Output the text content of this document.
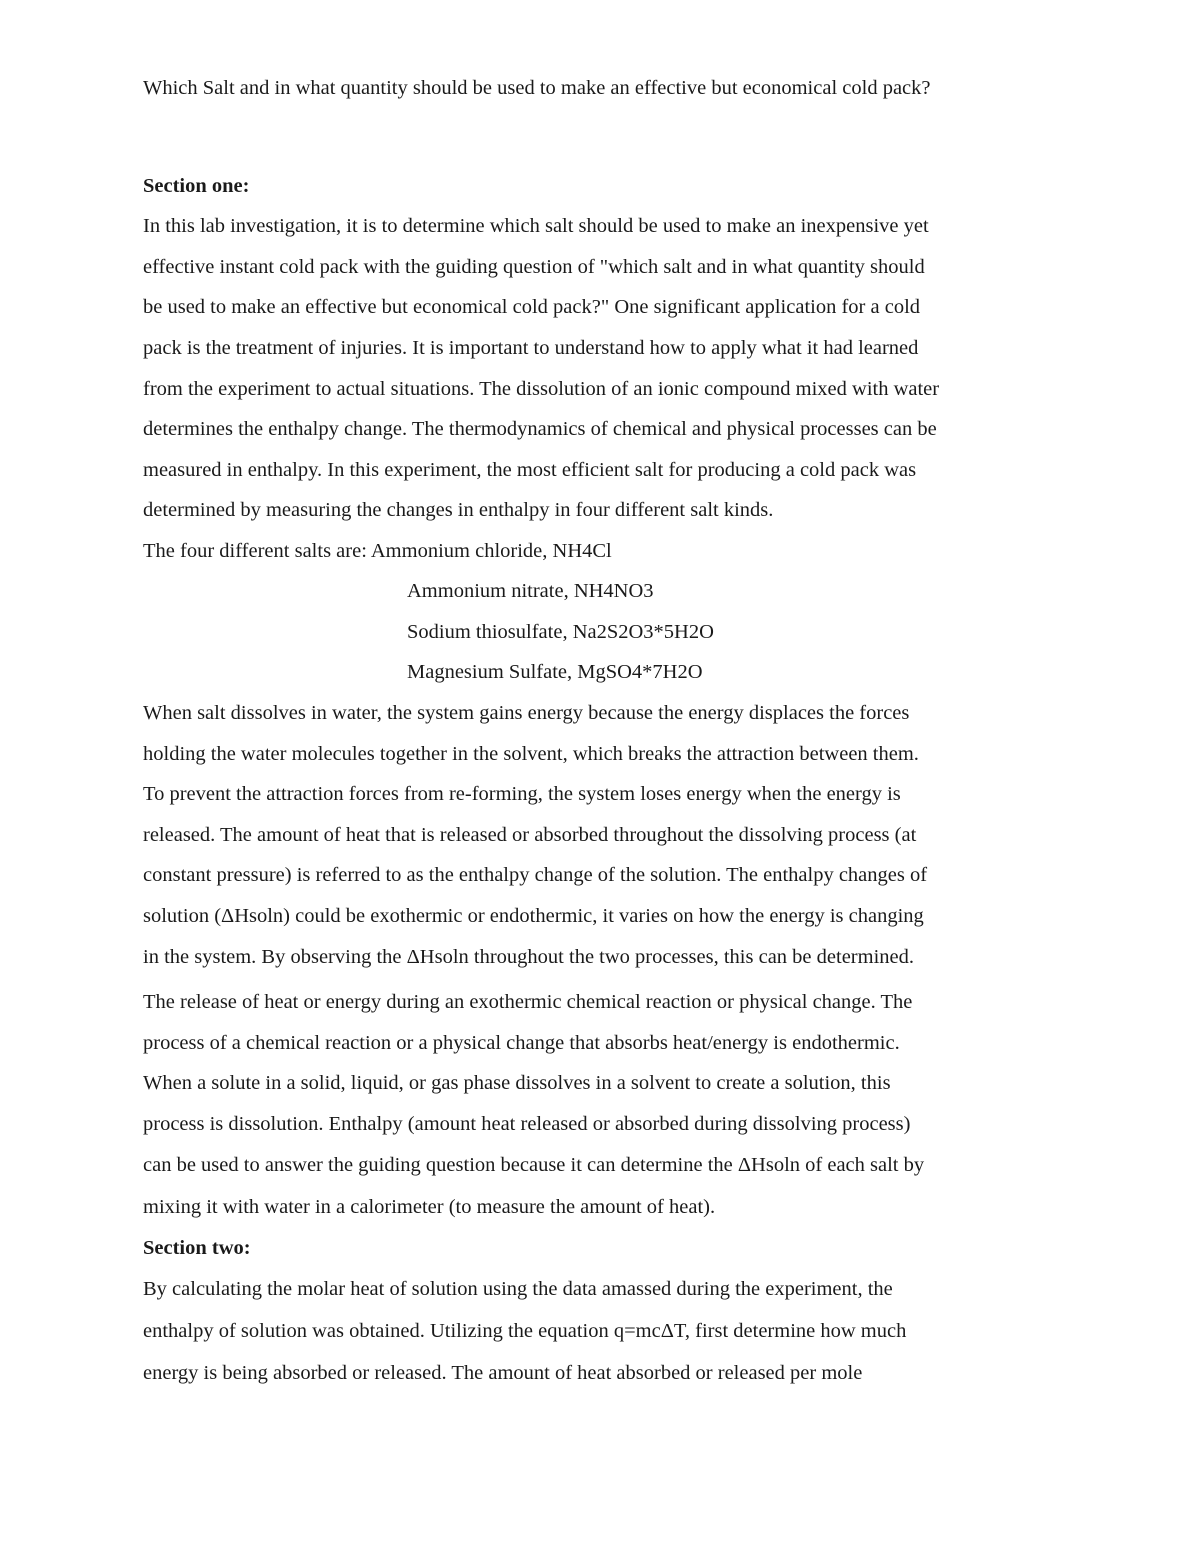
Which Salt and in what quantity should be used to make an effective but economical cold pack?

Section one:

In this lab investigation, it is to determine which salt should be used to make an inexpensive yet

effective instant cold pack with the guiding question of "which salt and in what quantity should

be used to make an effective but economical cold pack?" One significant application for a cold

pack is the treatment of injuries. It is important to understand how to apply what it had learned

from the experiment to actual situations. The dissolution of an ionic compound mixed with water

determines the enthalpy change. The thermodynamics of chemical and physical processes can be

measured in enthalpy. In this experiment, the most efficient salt for producing a cold pack was

determined by measuring the changes in enthalpy in four different salt kinds.

The four different salts are: Ammonium chloride, NH4Cl

Ammonium nitrate, NH4NO3

Sodium thiosulfate, Na2S2O3*5H2O

Magnesium Sulfate, MgSO4*7H2O

When salt dissolves in water, the system gains energy because the energy displaces the forces

holding the water molecules together in the solvent, which breaks the attraction between them.

To prevent the attraction forces from re-forming, the system loses energy when the energy is

released. The amount of heat that is released or absorbed throughout the dissolving process (at

constant pressure) is referred to as the enthalpy change of the solution. The enthalpy changes of

solution (ΔHsoln) could be exothermic or endothermic, it varies on how the energy is changing

in the system. By observing the ΔHsoln throughout the two processes, this can be determined.

The release of heat or energy during an exothermic chemical reaction or physical change. The

process of a chemical reaction or a physical change that absorbs heat/energy is endothermic.

When a solute in a solid, liquid, or gas phase dissolves in a solvent to create a solution, this

process is dissolution. Enthalpy (amount heat released or absorbed during dissolving process)

can be used to answer the guiding question because it can determine the ΔHsoln of each salt by

mixing it with water in a calorimeter (to measure the amount of heat).

Section two:

By calculating the molar heat of solution using the data amassed during the experiment, the

enthalpy of solution was obtained. Utilizing the equation q=mcΔT, first determine how much

energy is being absorbed or released. The amount of heat absorbed or released per mole
